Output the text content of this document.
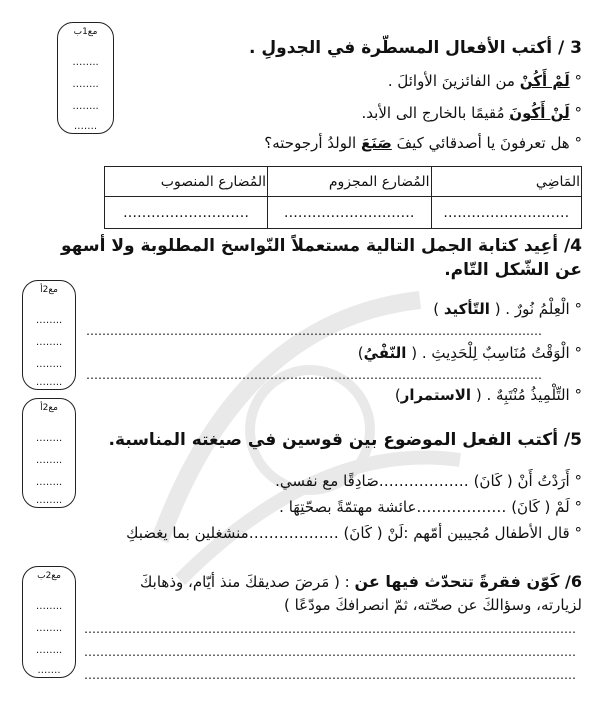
مع1ب
……..
……..
……..
…….
3 / أكتب الأفعال المسطّرة في الجدولِ .
° لَمْ أَكُنْ من الفائزينَ الأوائلَ .
° لَنْ أَكُونَ مُقيمًا بالخارج الى الأبد.
° هل تعرفونَ يا أصدقائي كيفَ صَنَعَ الولدُ أرجوحته؟
المَاضِي	المُضارع المجزوم	المُضارع المنصوب
………………………	……………………….	………………………
4/ أعِيد كتابة الجمل التالية مستعملاً النّواسخ المطلوبة ولا أسهو
عن الشّكل التّام.
مع2أ
……..
……..
……..
……..
° الْعِلْمُ نُورٌ . ( التّأكيد )
……………………………………………………………………………………………………
° الْوَقْتُ مُنَاسِبٌ لِلْحَدِيثِ . ( النّفْيُ)
……………………………………………………………………………………………………
مع2أ
……..
……..
……..
……..
° التِّلْمِيذُ مُنْتَبِهٌ . ( الاستمرار)
5/ أكتب الفعل الموضوع بين قوسين في صيغته المناسبة.
° أَرَدْتُ أَنْ ( كَانَ) ………………صَادِقًا مع نفسي.
° لَمْ ( كَانَ) ………………عائشة مهتمّةً بصحّتِهَا .
° قال الأطفال مُجيبين أمّهم :لَنْ ( كَانَ) ………………منشغلين بما يغضبكِ
مع2ب
……..
……..
……..
…….
6/ كَوّن فقرةً تتحدّث فيها عن : ( مَرضَ صديقكَ منذ أيّام، وذهابكَ
لزيارته، وسؤالكَ عن صحّته، ثمّ انصرافكَ مودّعًا )
……………………………………………………………………………………………………………
……………………………………………………………………………………………………………
……………………………………………………………………………………………………………
